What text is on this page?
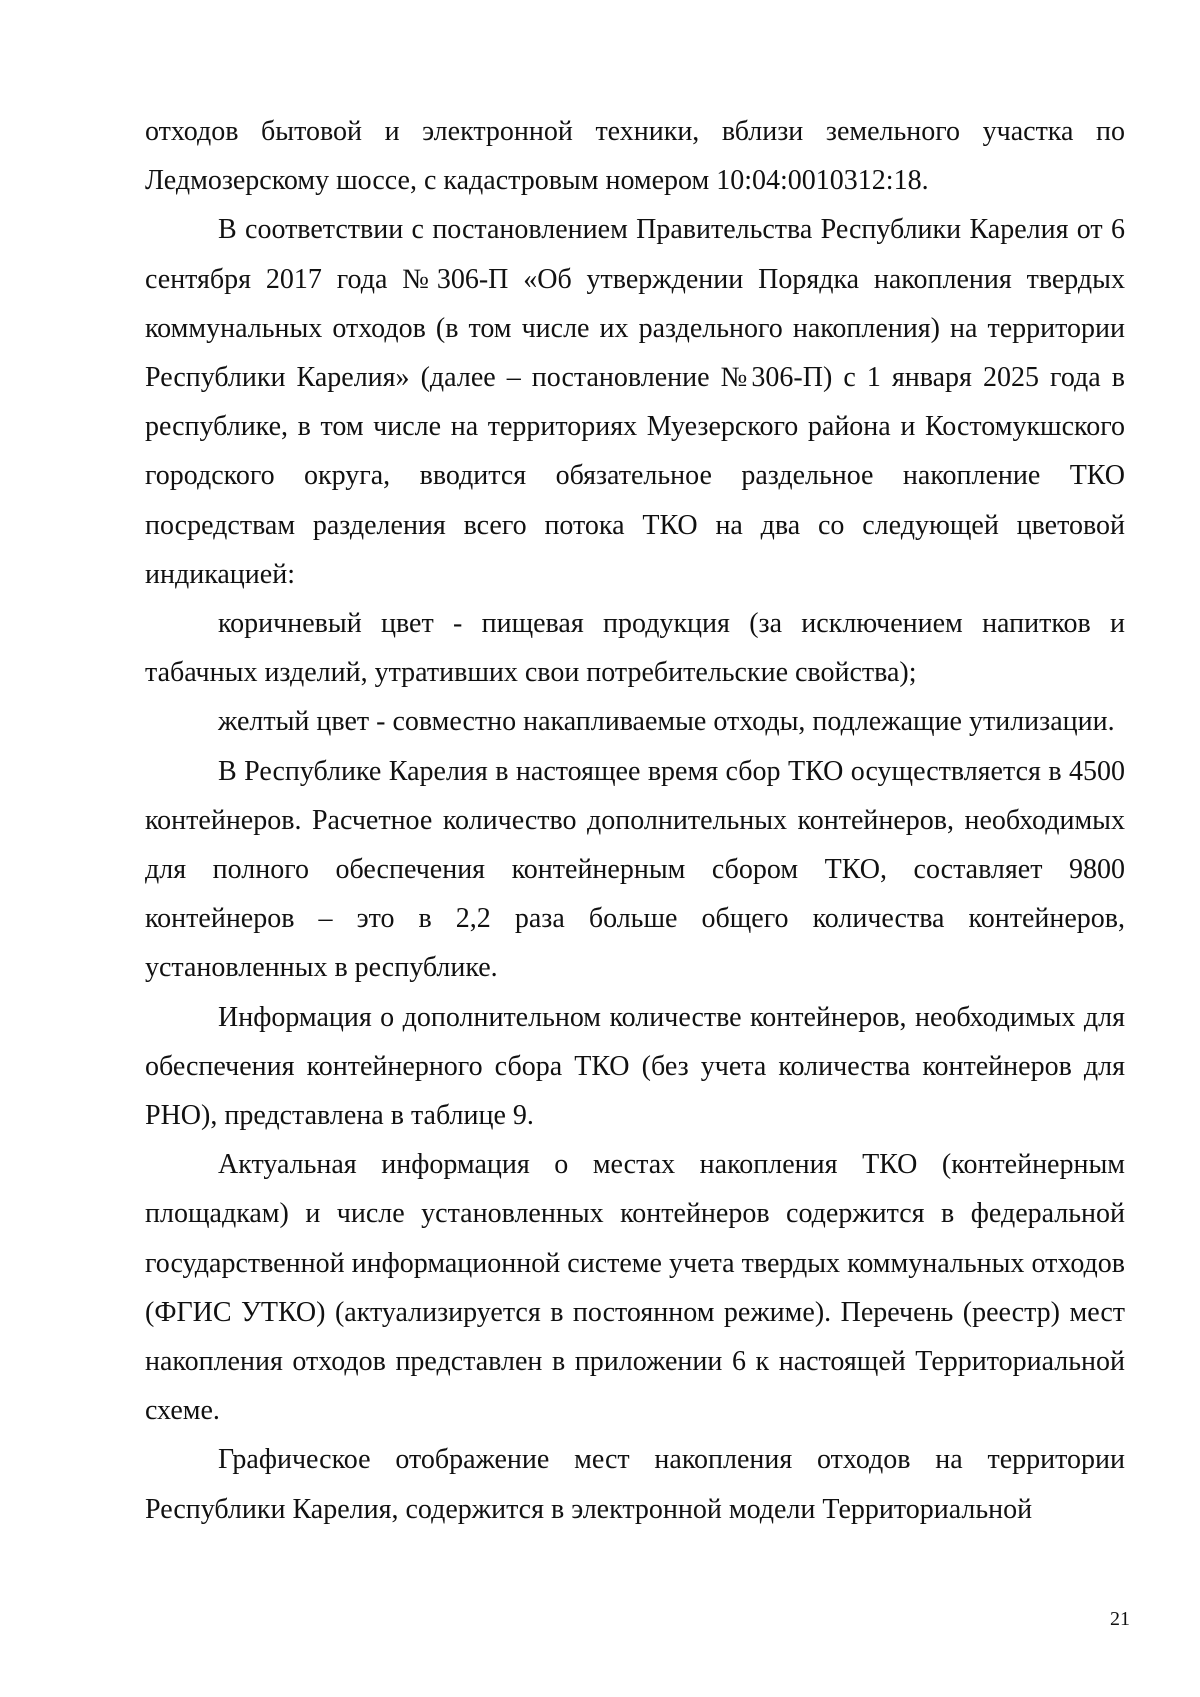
отходов бытовой и электронной техники, вблизи земельного участка по Ледмозерскому шоссе, с кадастровым номером 10:04:0010312:18.

В соответствии с постановлением Правительства Республики Карелия от 6 сентября 2017 года №306-П «Об утверждении Порядка накопления твердых коммунальных отходов (в том числе их раздельного накопления) на территории Республики Карелия» (далее – постановление №306-П) с 1 января 2025 года в республике, в том числе на территориях Муезерского района и Костомукшского городского округа, вводится обязательное раздельное накопление ТКО посредствам разделения всего потока ТКО на два со следующей цветовой индикацией:

коричневый цвет - пищевая продукция (за исключением напитков и табачных изделий, утративших свои потребительские свойства);

желтый цвет - совместно накапливаемые отходы, подлежащие утилизации.

В Республике Карелия в настоящее время сбор ТКО осуществляется в 4500 контейнеров. Расчетное количество дополнительных контейнеров, необходимых для полного обеспечения контейнерным сбором ТКО, составляет 9800 контейнеров – это в 2,2 раза больше общего количества контейнеров, установленных в республике.

Информация о дополнительном количестве контейнеров, необходимых для обеспечения контейнерного сбора ТКО (без учета количества контейнеров для РНО), представлена в таблице 9.

Актуальная информация о местах накопления ТКО (контейнерным площадкам) и числе установленных контейнеров содержится в федеральной государственной информационной системе учета твердых коммунальных отходов (ФГИС УТКО) (актуализируется в постоянном режиме). Перечень (реестр) мест накопления отходов представлен в приложении 6 к настоящей Территориальной схеме.

Графическое отображение мест накопления отходов на территории Республики Карелия, содержится в электронной модели Территориальной

21
